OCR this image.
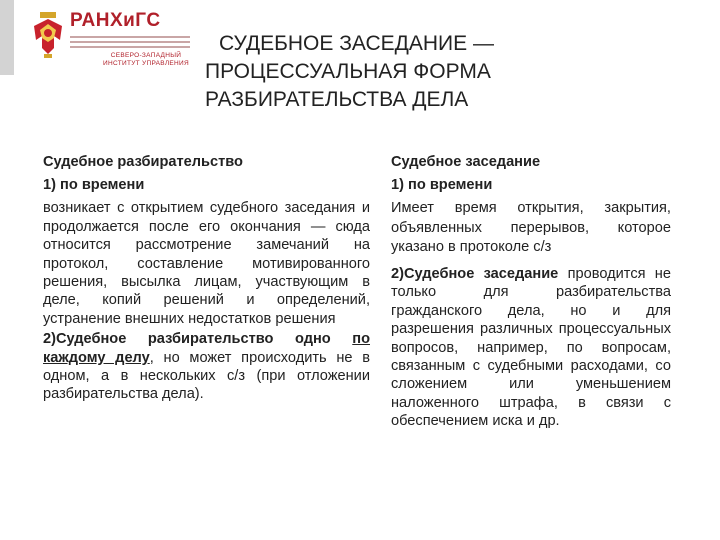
РАНХиГС
СЕВЕРО-ЗАПАДНЫЙ
ИНСТИТУТ УПРАВЛЕНИЯ
СУДЕБНОЕ ЗАСЕДАНИЕ —
ПРОЦЕССУАЛЬНАЯ ФОРМА
РАЗБИРАТЕЛЬСТВА ДЕЛА
Судебное разбирательство
1) по времени
возникает с открытием судебного заседания и продолжается после его окончания — сюда относится рассмотрение замечаний на протокол, составление мотивированного решения, высылка лицам, участвующим в деле, копий решений и определений, устранение внешних недостатков решения
2)Судебное разбирательство одно по каждому делу, но может происходить не в одном, а в нескольких с/з (при отложении разбирательства дела).
Судебное заседание
1) по времени
Имеет время открытия, закрытия, объявленных перерывов, которое указано в протоколе с/з
2)Судебное заседание проводится не только для разбирательства гражданского дела, но и для разрешения различных процессуальных вопросов, например, по вопросам, связанным с судебными расходами, со сложением или уменьшением наложенного штрафа, в связи с обеспечением иска и др.
